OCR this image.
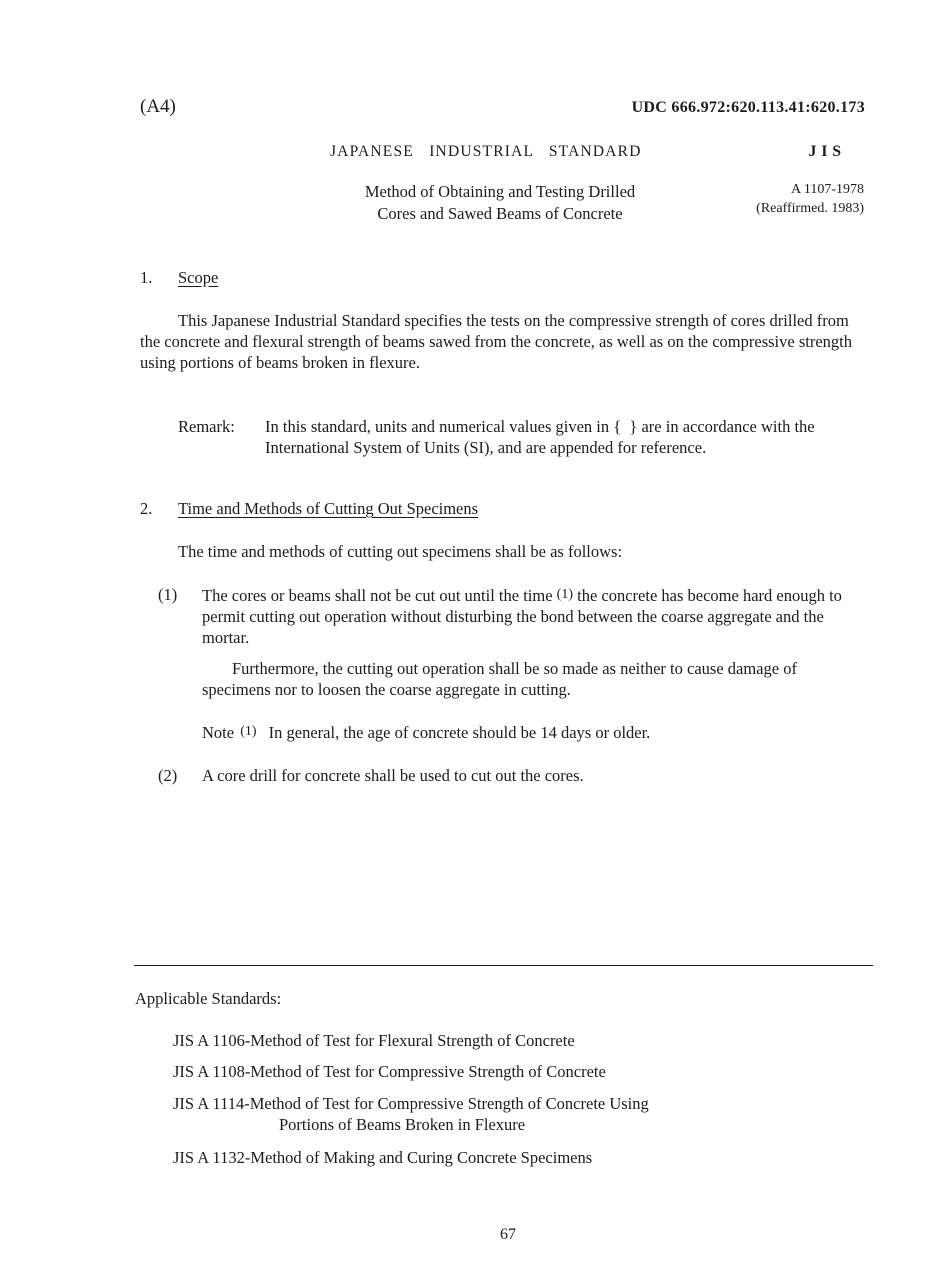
(A4)	UDC 666.972:620.113.41:620.173
JAPANESE   INDUSTRIAL   STANDARD	JIS
Method of Obtaining and Testing Drilled
Cores and Sawed Beams of Concrete
A 1107-1978
(Reaffirmed. 1983)
1. Scope
This Japanese Industrial Standard specifies the tests on the compressive strength of cores drilled from the concrete and flexural strength of beams sawed from the concrete, as well as on the compressive strength using portions of beams broken in flexure.
Remark: In this standard, units and numerical values given in {  } are in accordance with the International System of Units (SI), and are appended for reference.
2. Time and Methods of Cutting Out Specimens
The time and methods of cutting out specimens shall be as follows:
(1) The cores or beams shall not be cut out until the time (1) the concrete has become hard enough to permit cutting out operation without disturbing the bond between the coarse aggregate and the mortar.
Furthermore, the cutting out operation shall be so made as neither to cause damage of specimens nor to loosen the coarse aggregate in cutting.
Note (1) In general, the age of concrete should be 14 days or older.
(2) A core drill for concrete shall be used to cut out the cores.
Applicable Standards:
JIS A 1106-Method of Test for Flexural Strength of Concrete
JIS A 1108-Method of Test for Compressive Strength of Concrete
JIS A 1114-Method of Test for Compressive Strength of Concrete Using
Portions of Beams Broken in Flexure
JIS A 1132-Method of Making and Curing Concrete Specimens
67
